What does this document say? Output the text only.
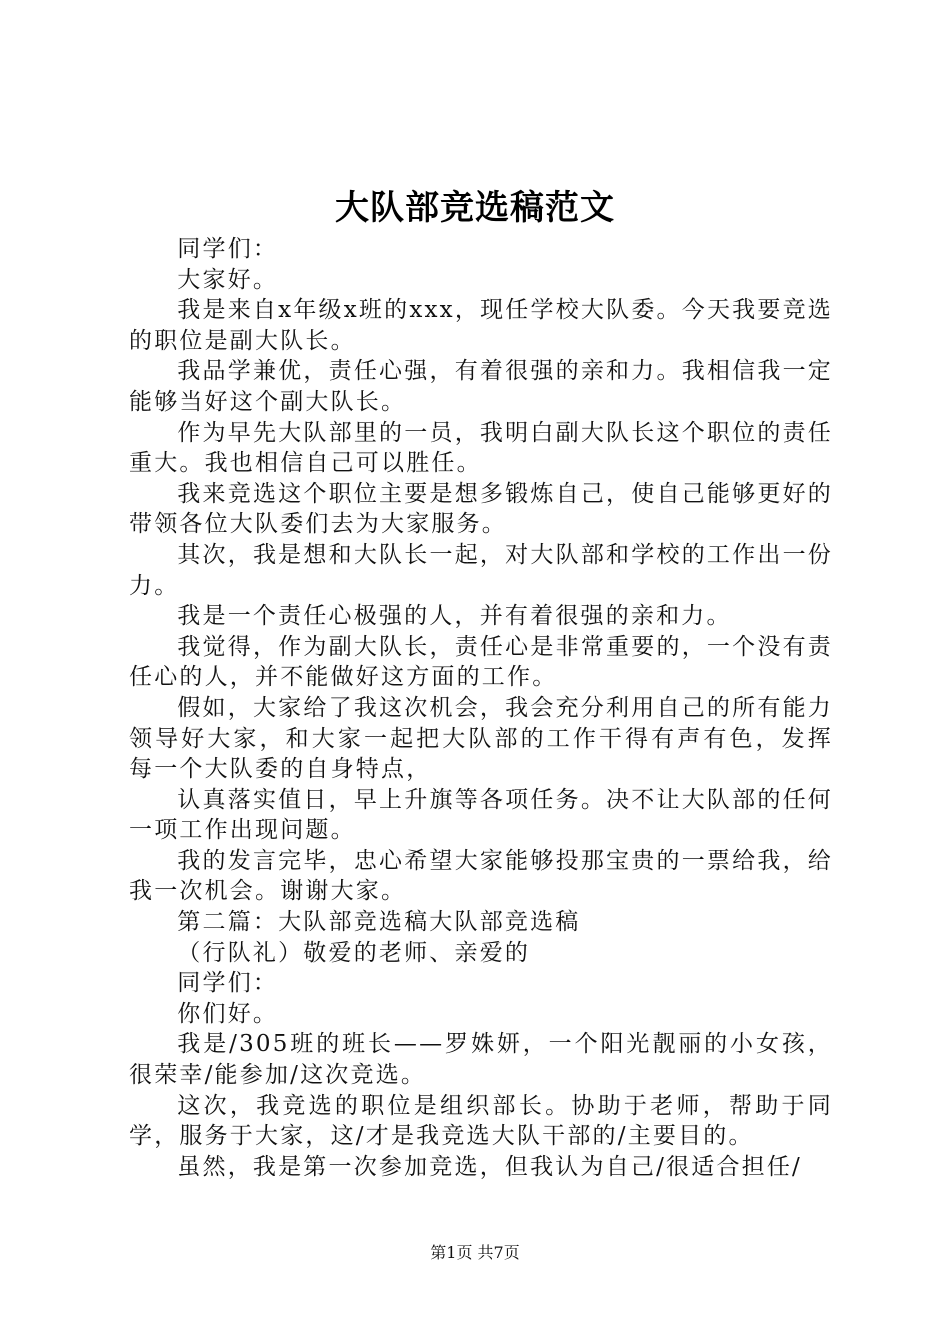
大队部竞选稿范文

同学们：

大家好。

我是来自x年级x班的xxx，现任学校大队委。今天我要竞选的职位是副大队长。

我品学兼优，责任心强，有着很强的亲和力。我相信我一定能够当好这个副大队长。

作为早先大队部里的一员，我明白副大队长这个职位的责任重大。我也相信自己可以胜任。

我来竞选这个职位主要是想多锻炼自己，使自己能够更好的带领各位大队委们去为大家服务。

其次，我是想和大队长一起，对大队部和学校的工作出一份力。

我是一个责任心极强的人，并有着很强的亲和力。

我觉得，作为副大队长，责任心是非常重要的，一个没有责任心的人，并不能做好这方面的工作。

假如，大家给了我这次机会，我会充分利用自己的所有能力领导好大家，和大家一起把大队部的工作干得有声有色，发挥每一个大队委的自身特点，

认真落实值日，早上升旗等各项任务。决不让大队部的任何一项工作出现问题。

我的发言完毕，忠心希望大家能够投那宝贵的一票给我，给我一次机会。谢谢大家。

第二篇：大队部竞选稿大队部竞选稿

（行队礼）敬爱的老师、亲爱的

同学们：

你们好。

我是/305班的班长——罗姝妍，一个阳光靓丽的小女孩，很荣幸/能参加/这次竞选。

这次，我竞选的职位是组织部长。协助于老师，帮助于同学，服务于大家，这/才是我竞选大队干部的/主要目的。

虽然，我是第一次参加竞选，但我认为自己/很适合担任/

第1页 共7页
